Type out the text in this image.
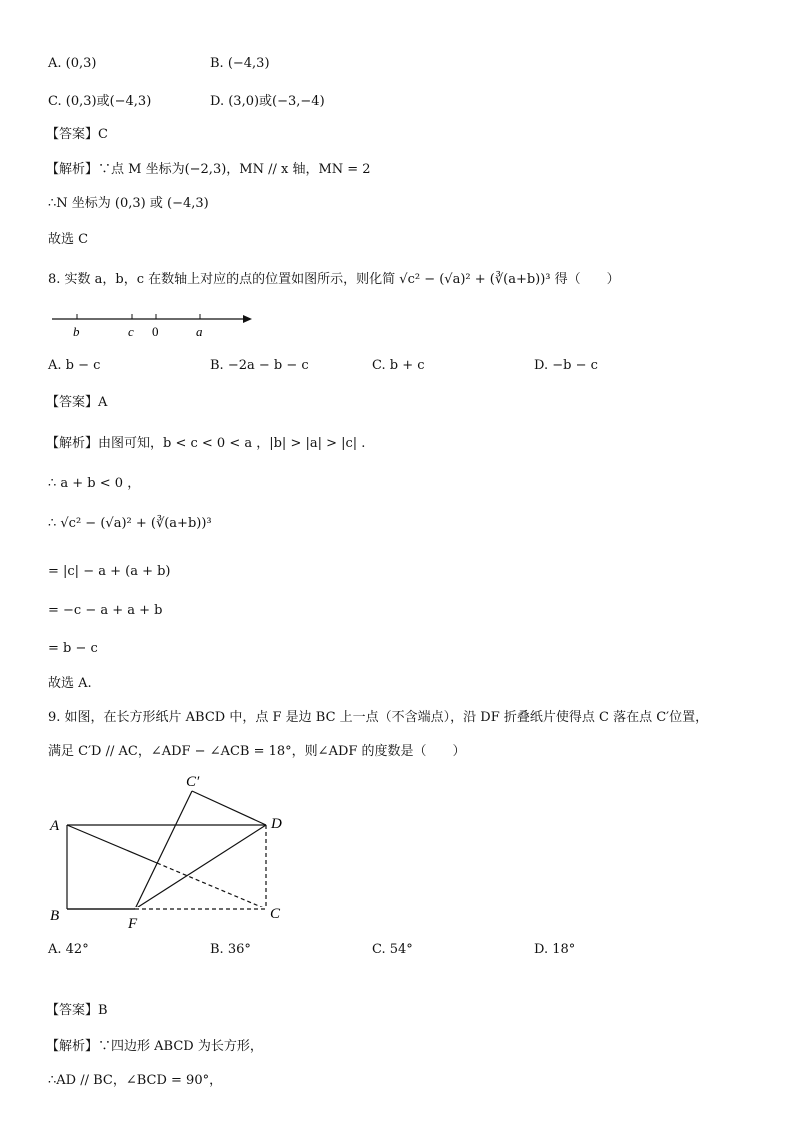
A. (0,3)	B. (−4,3)
C. (0,3)或(−4,3)	D. (3,0)或(−3,−4)
【答案】C
【解析】∵点 M 坐标为(−2,3)，MN // x 轴，MN = 2
∴N 坐标为 (0,3) 或 (−4,3)
故选 C
8. 实数 a，b，c 在数轴上对应的点的位置如图所示，则化简 √c² − (√a)² + (∛(a+b))³ 得（　　）
b	c 0	a
A. b − c	B. −2a − b − c	C. b + c	D. −b − c
【答案】A
【解析】由图可知，b < c < 0 < a ，|b| > |a| > |c| .
∴ a + b < 0 ，
∴ √c² − (√a)² + (∛(a+b))³
= |c| − a + (a + b)
= −c − a + a + b
= b − c
故选 A.
9. 如图，在长方形纸片 ABCD 中，点 F 是边 BC 上一点（不含端点），沿 DF 折叠纸片使得点 C 落在点 C′位置，
满足 C′D // AC，∠ADF − ∠ACB = 18°，则∠ADF 的度数是（　　）
A
B	F
C
D
C′
A. 42°	B. 36°	C. 54°	D. 18°
【答案】B
【解析】∵四边形 ABCD 为长方形，
∴AD // BC，∠BCD = 90°，
